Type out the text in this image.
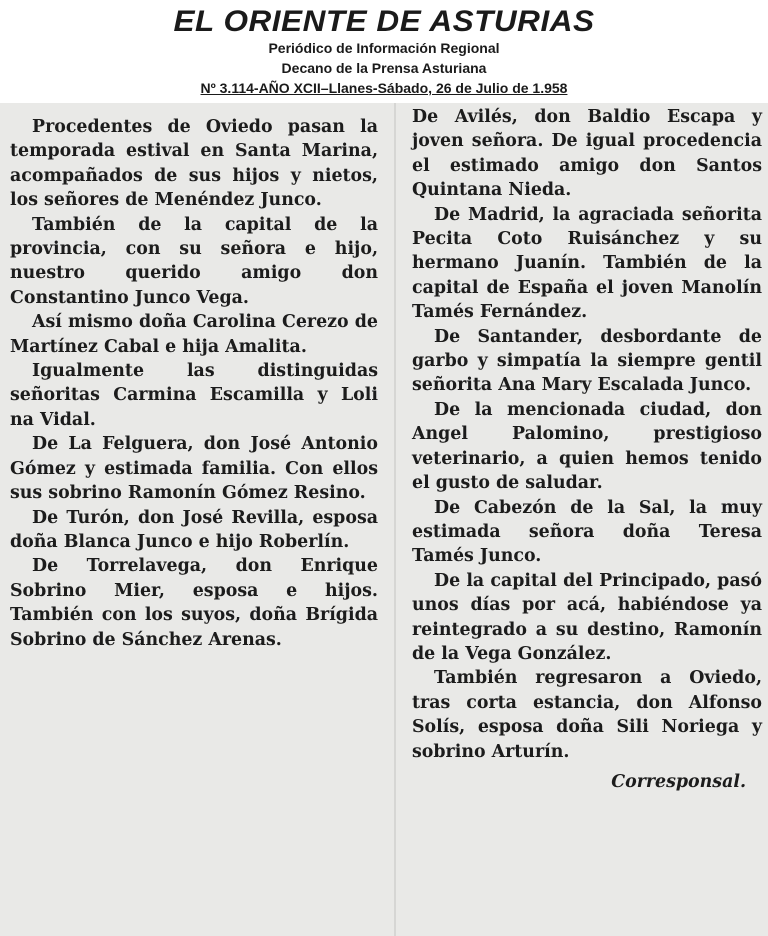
EL ORIENTE DE ASTURIAS
Periódico de Información Regional
Decano de la Prensa Asturiana
Nº 3.114-AÑO XCII–Llanes-Sábado, 26 de Julio de 1.958

Procedentes de Oviedo pasan la temporada estival en Santa Marina, acompañados de sus hijos y nietos, los señores de Menéndez Junco.

También de la capital de la provincia, con su señora e hijo, nuestro querido amigo don Constantino Junco Vega.

Así mismo doña Carolina Cerezo de Martínez Cabal e hija Amalita.

Igualmente las distinguidas señoritas Carmina Escamilla y Loli na Vidal.

De La Felguera, don José Antonio Gómez y estimada familia. Con ellos sus sobrino Ramonín Gómez Resino.

De Turón, don José Revilla, esposa doña Blanca Junco e hijo Roberlín.

De Torrelavega, don Enrique Sobrino Mier, esposa e hijos. También con los suyos, doña Brígida Sobrino de Sánchez Arenas.

De Avilés, don Baldio Escapa y joven señora. De igual procedencia el estimado amigo don Santos Quintana Nieda.

De Madrid, la agraciada señorita Pecita Coto Ruisánchez y su hermano Juanín. También de la capital de España el joven Manolín Tamés Fernández.

De Santander, desbordante de garbo y simpatía la siempre gentil señorita Ana Mary Escalada Junco.

De la mencionada ciudad, don Angel Palomino, prestigioso veterinario, a quien hemos tenido el gusto de saludar.

De Cabezón de la Sal, la muy estimada señora doña Teresa Tamés Junco.

De la capital del Principado, pasó unos días por acá, habiéndose ya reintegrado a su destino, Ramonín de la Vega González.

También regresaron a Oviedo, tras corta estancia, don Alfonso Solís, esposa doña Sili Noriega y sobrino Arturín.

Corresponsal.
